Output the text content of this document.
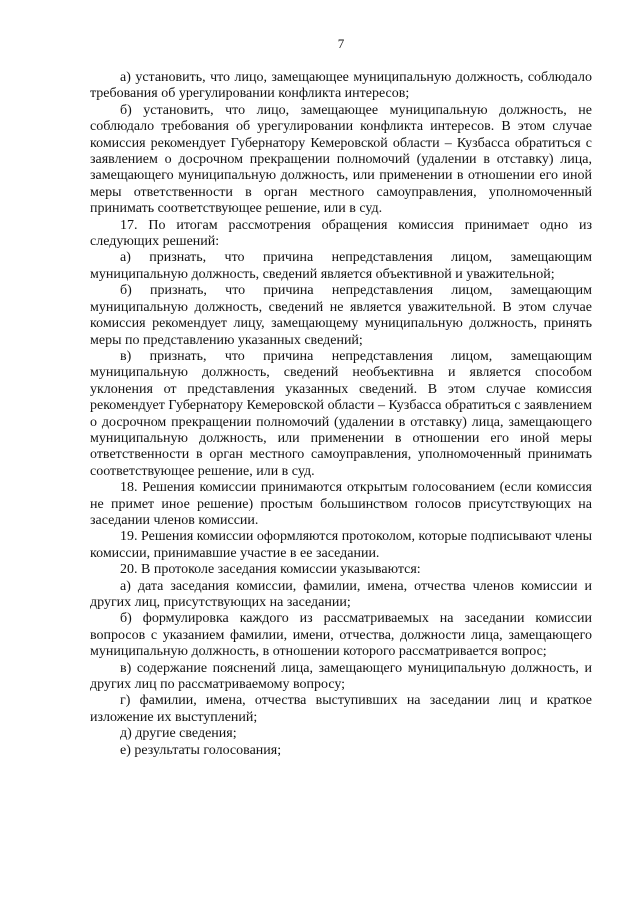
7

а) установить, что лицо, замещающее муниципальную должность, соблюдало требования об урегулировании конфликта интересов;

б) установить, что лицо, замещающее муниципальную должность, не соблюдало требования об урегулировании конфликта интересов. В этом случае комиссия рекомендует Губернатору Кемеровской области – Кузбасса обратиться с заявлением о досрочном прекращении полномочий (удалении в отставку) лица, замещающего муниципальную должность, или применении в отношении его иной меры ответственности в орган местного самоуправления, уполномоченный принимать соответствующее решение, или в суд.

17. По итогам рассмотрения обращения комиссия принимает одно из следующих решений:

а) признать, что причина непредставления лицом, замещающим муниципальную должность, сведений является объективной и уважительной;

б) признать, что причина непредставления лицом, замещающим муниципальную должность, сведений не является уважительной. В этом случае комиссия рекомендует лицу, замещающему муниципальную должность, принять меры по представлению указанных сведений;

в) признать, что причина непредставления лицом, замещающим муниципальную должность, сведений необъективна и является способом уклонения от представления указанных сведений. В этом случае комиссия рекомендует Губернатору Кемеровской области – Кузбасса обратиться с заявлением о досрочном прекращении полномочий (удалении в отставку) лица, замещающего муниципальную должность, или применении в отношении его иной меры ответственности в орган местного самоуправления, уполномоченный принимать соответствующее решение, или в суд.

18. Решения комиссии принимаются открытым голосованием (если комиссия не примет иное решение) простым большинством голосов присутствующих на заседании членов комиссии.

19. Решения комиссии оформляются протоколом, которые подписывают члены комиссии, принимавшие участие в ее заседании.

20. В протоколе заседания комиссии указываются:

а) дата заседания комиссии, фамилии, имена, отчества членов комиссии и других лиц, присутствующих на заседании;

б) формулировка каждого из рассматриваемых на заседании комиссии вопросов с указанием фамилии, имени, отчества, должности лица, замещающего муниципальную должность, в отношении которого рассматривается вопрос;

в) содержание пояснений лица, замещающего муниципальную должность, и других лиц по рассматриваемому вопросу;

г) фамилии, имена, отчества выступивших на заседании лиц и краткое изложение их выступлений;

д) другие сведения;

е) результаты голосования;
